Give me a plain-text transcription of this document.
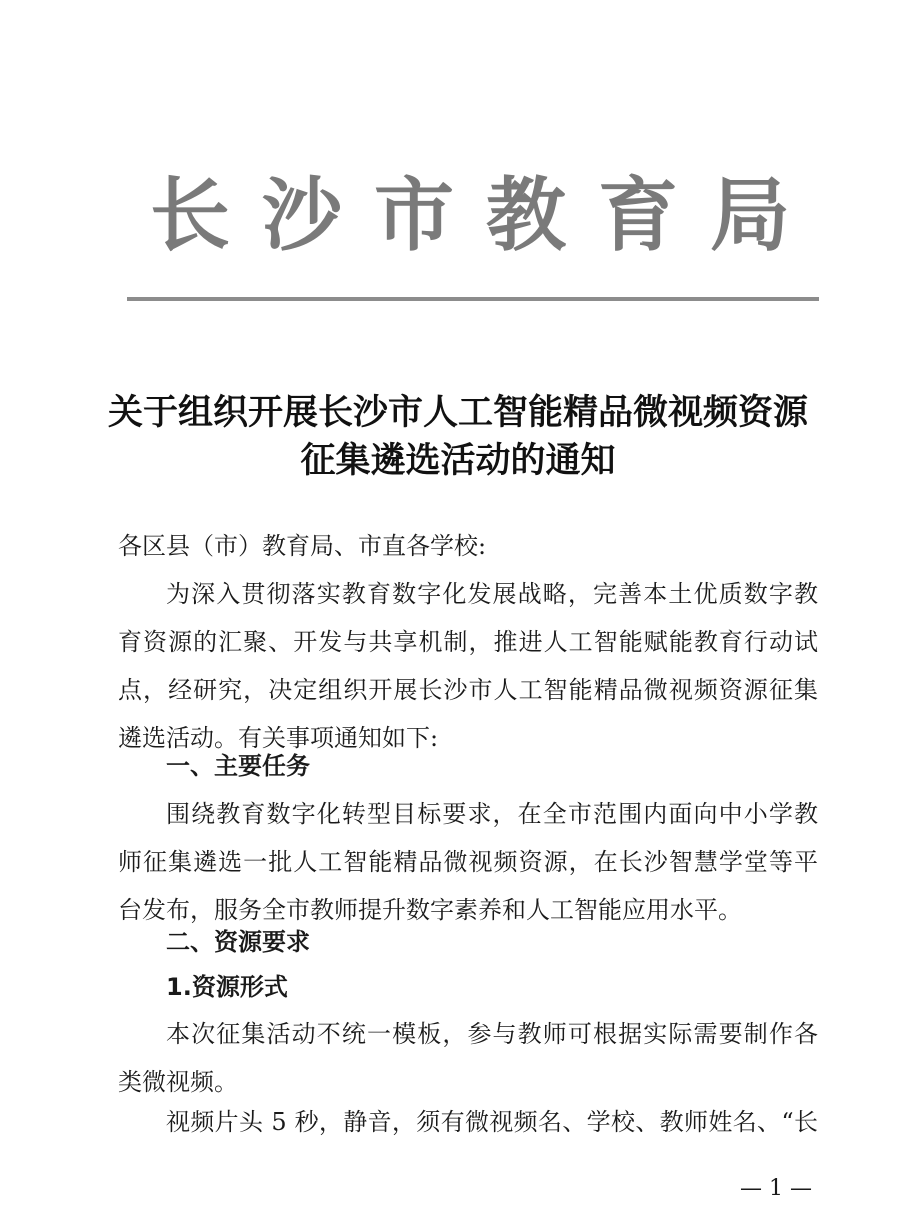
长 沙 市 教 育 局
关于组织开展长沙市人工智能精品微视频资源
征集遴选活动的通知
各区县（市）教育局、市直各学校:
为深入贯彻落实教育数字化发展战略，完善本土优质数字教
育资源的汇聚、开发与共享机制，推进人工智能赋能教育行动试
点，经研究，决定组织开展长沙市人工智能精品微视频资源征集
遴选活动。有关事项通知如下:
一、主要任务
围绕教育数字化转型目标要求，在全市范围内面向中小学教
师征集遴选一批人工智能精品微视频资源，在长沙智慧学堂等平
台发布，服务全市教师提升数字素养和人工智能应用水平。
二、资源要求
1.资源形式
本次征集活动不统一模板，参与教师可根据实际需要制作各
类微视频。
视频片头 5 秒，静音，须有微视频名、学校、教师姓名、“长
— 1 —
